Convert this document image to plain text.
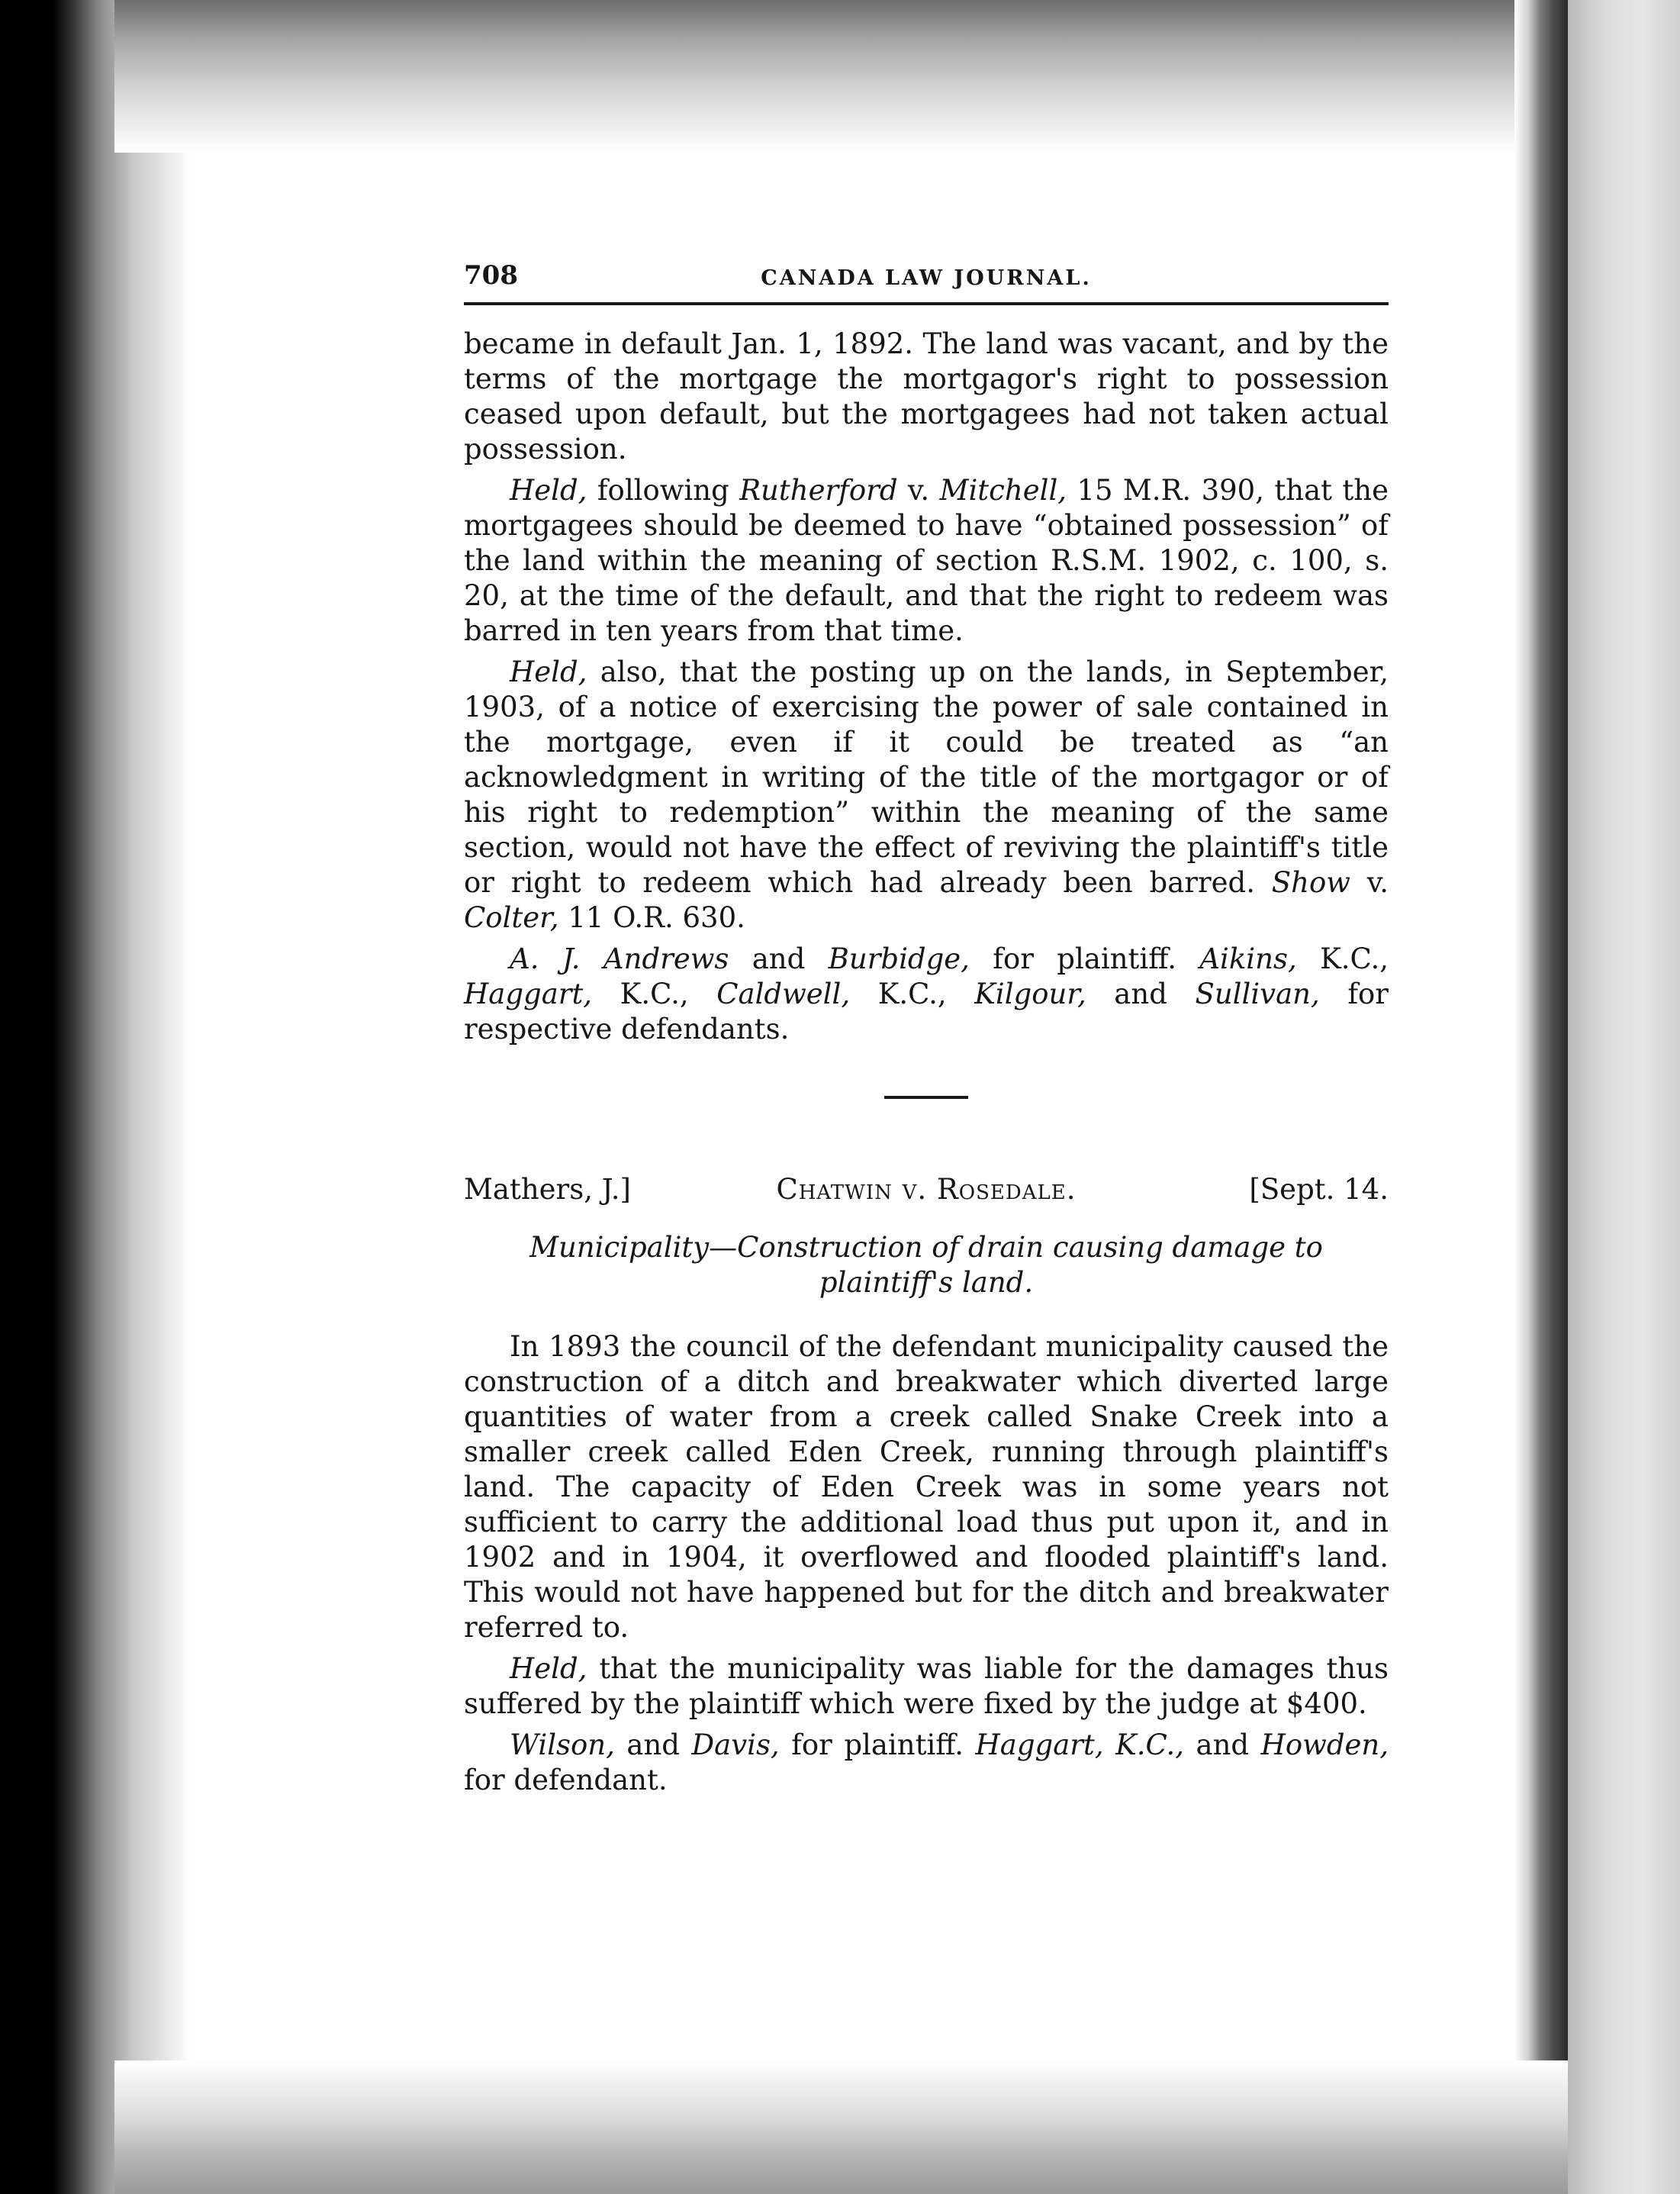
708	CANADA LAW JOURNAL.

became in default Jan. 1, 1892. The land was vacant, and by the terms of the mortgage the mortgagor's right to possession ceased upon default, but the mortgagees had not taken actual possession.

Held, following Rutherford v. Mitchell, 15 M.R. 390, that the mortgagees should be deemed to have “obtained possession” of the land within the meaning of section R.S.M. 1902, c. 100, s. 20, at the time of the default, and that the right to redeem was barred in ten years from that time.

Held, also, that the posting up on the lands, in September, 1903, of a notice of exercising the power of sale contained in the mortgage, even if it could be treated as “an acknowledgment in writing of the title of the mortgagor or of his right to redemption” within the meaning of the same section, would not have the effect of reviving the plaintiff's title or right to redeem which had already been barred. Show v. Colter, 11 O.R. 630.

A. J. Andrews and Burbidge, for plaintiff. Aikins, K.C., Haggart, K.C., Caldwell, K.C., Kilgour, and Sullivan, for respective defendants.

Mathers, J.]	Chatwin v. Rosedale.	[Sept. 14.

Municipality—Construction of drain causing damage to plaintiff's land.

In 1893 the council of the defendant municipality caused the construction of a ditch and breakwater which diverted large quantities of water from a creek called Snake Creek into a smaller creek called Eden Creek, running through plaintiff's land. The capacity of Eden Creek was in some years not sufficient to carry the additional load thus put upon it, and in 1902 and in 1904, it overflowed and flooded plaintiff's land. This would not have happened but for the ditch and breakwater referred to.

Held, that the municipality was liable for the damages thus suffered by the plaintiff which were fixed by the judge at $400.

Wilson, and Davis, for plaintiff. Haggart, K.C., and Howden, for defendant.
